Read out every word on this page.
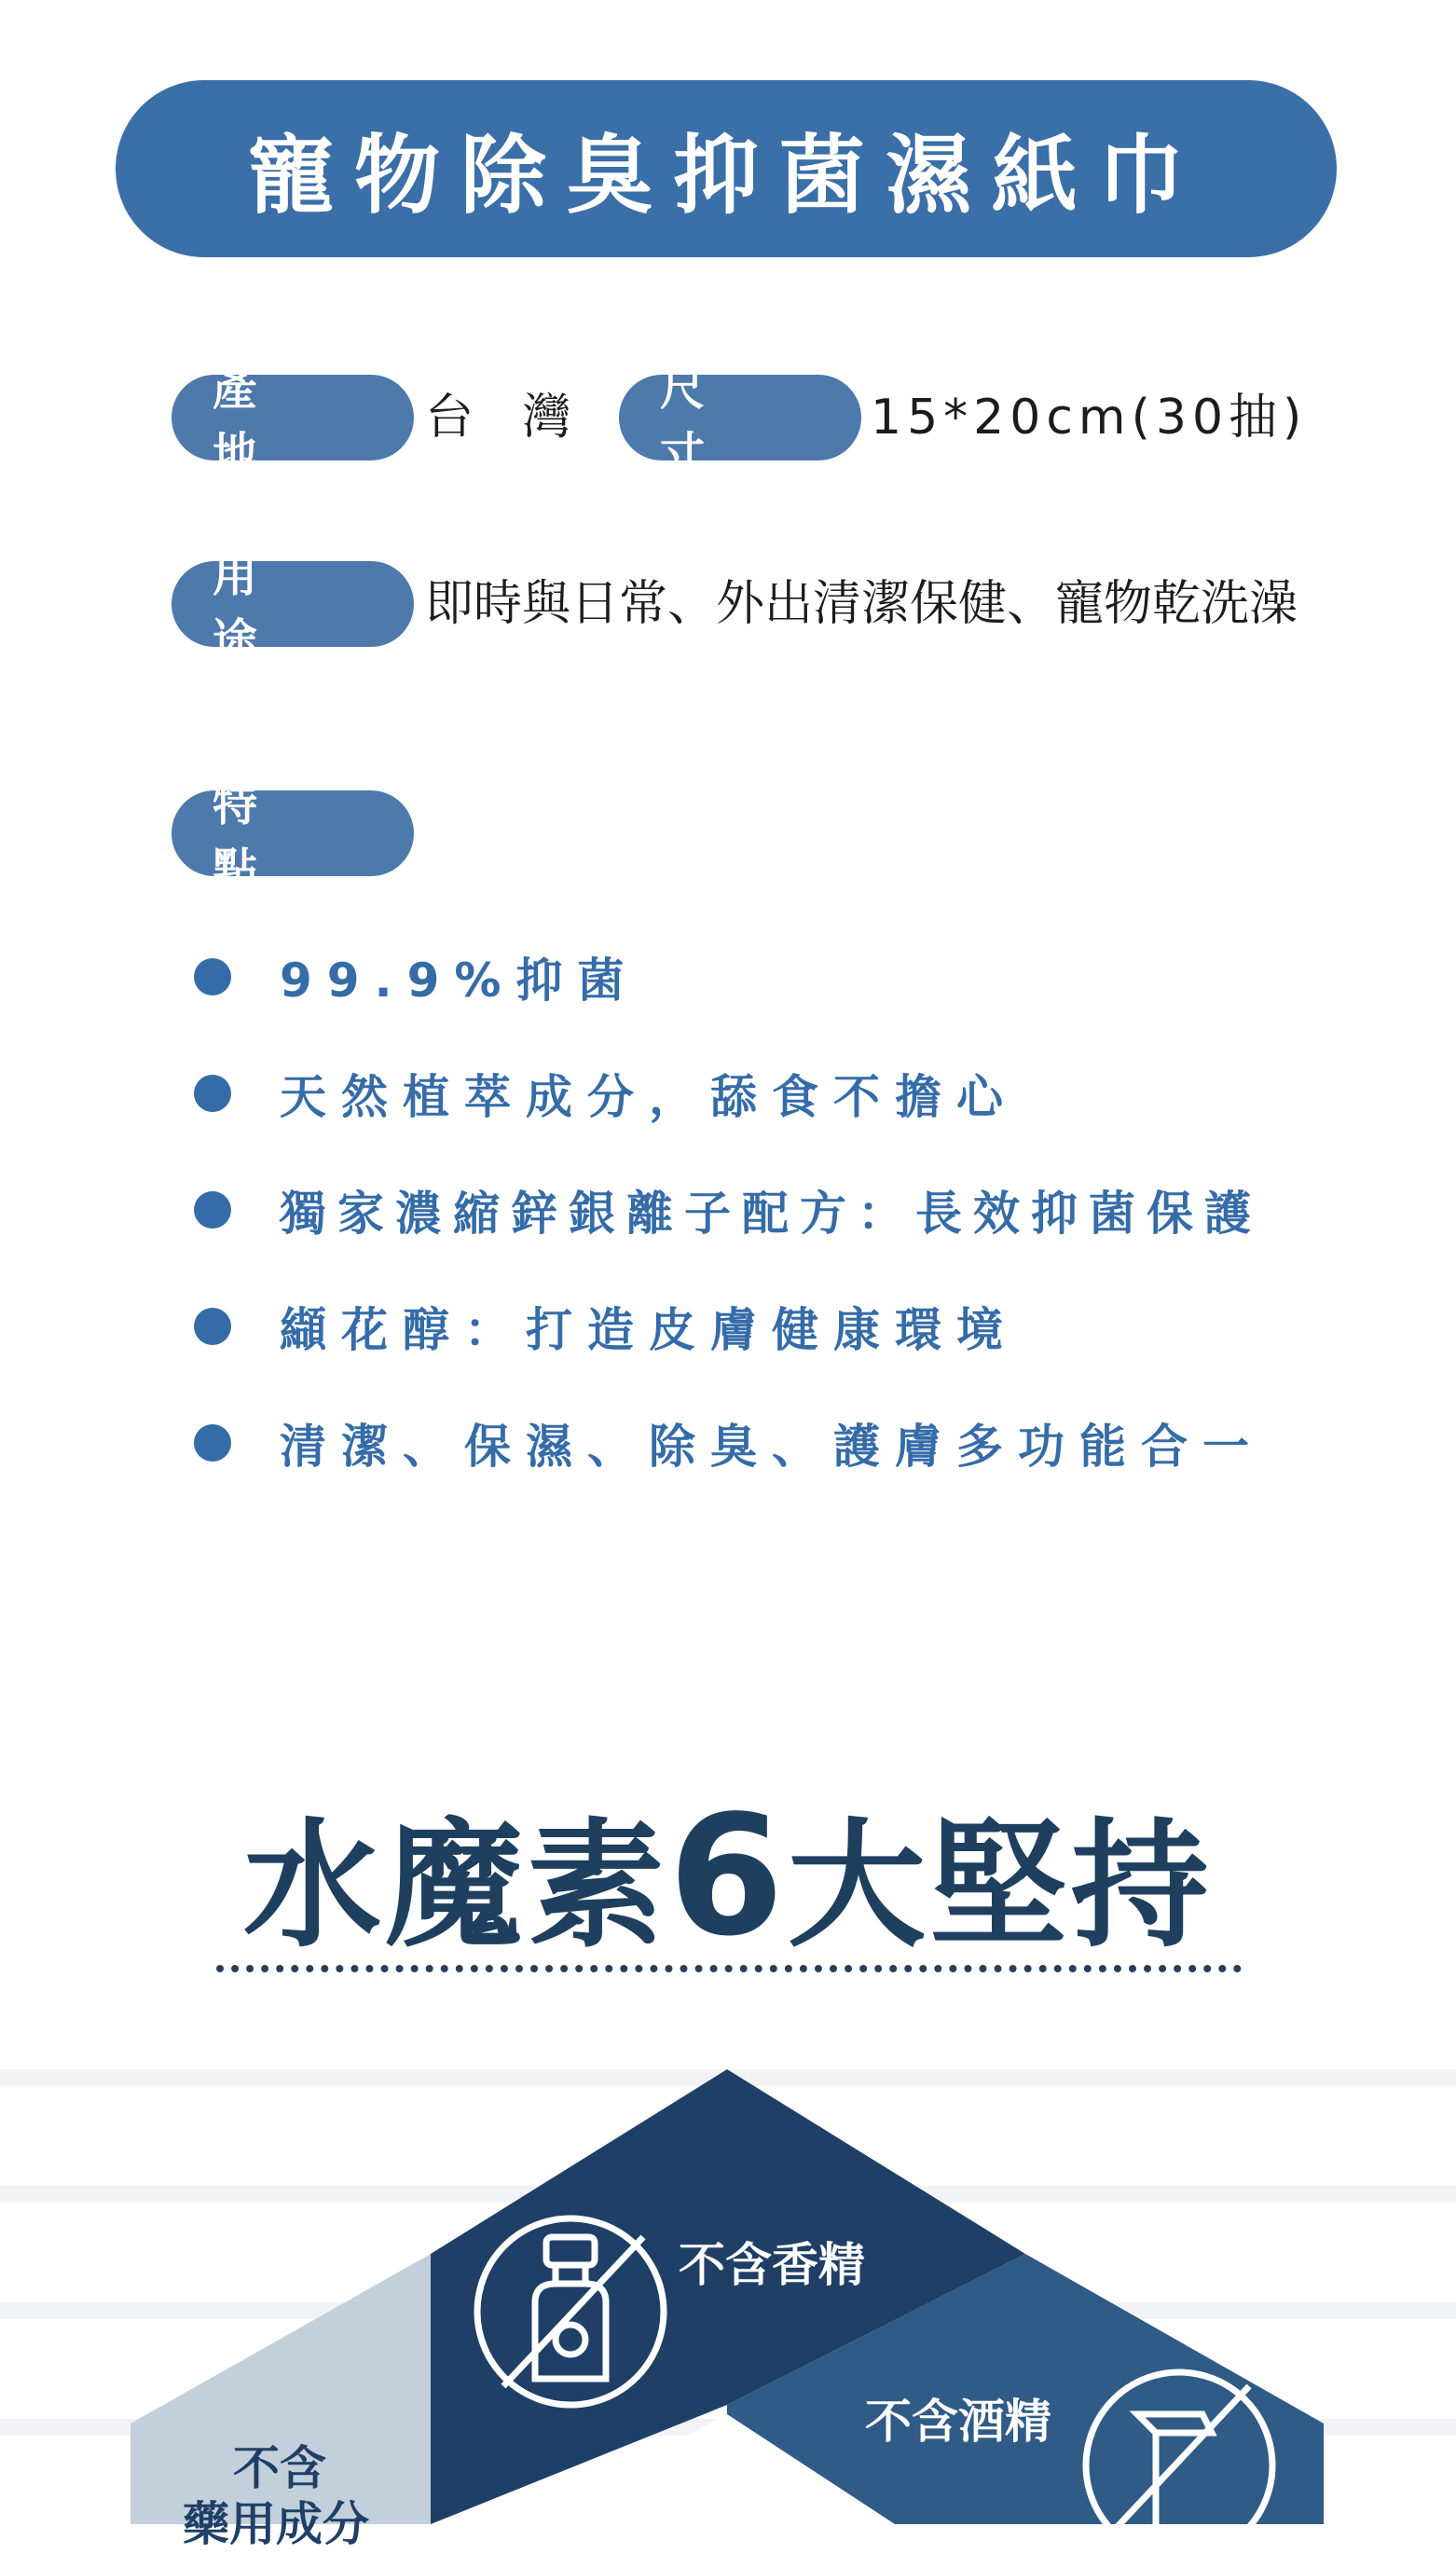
寵物除臭抑菌濕紙巾
產 地
台 灣 尺 寸
15*20cm(30抽)
用 途
即時與日常、外出清潔保健、寵物乾洗澡
特 點
99.9%抑菌
天然植萃成分，舔食不擔心
獨家濃縮鋅銀離子配方：長效抑菌保護
纈花醇：打造皮膚健康環境
清潔、保濕、除臭、護膚多功能合一
水魔素6大堅持
不含香精
不含酒精
不含
藥用成分
